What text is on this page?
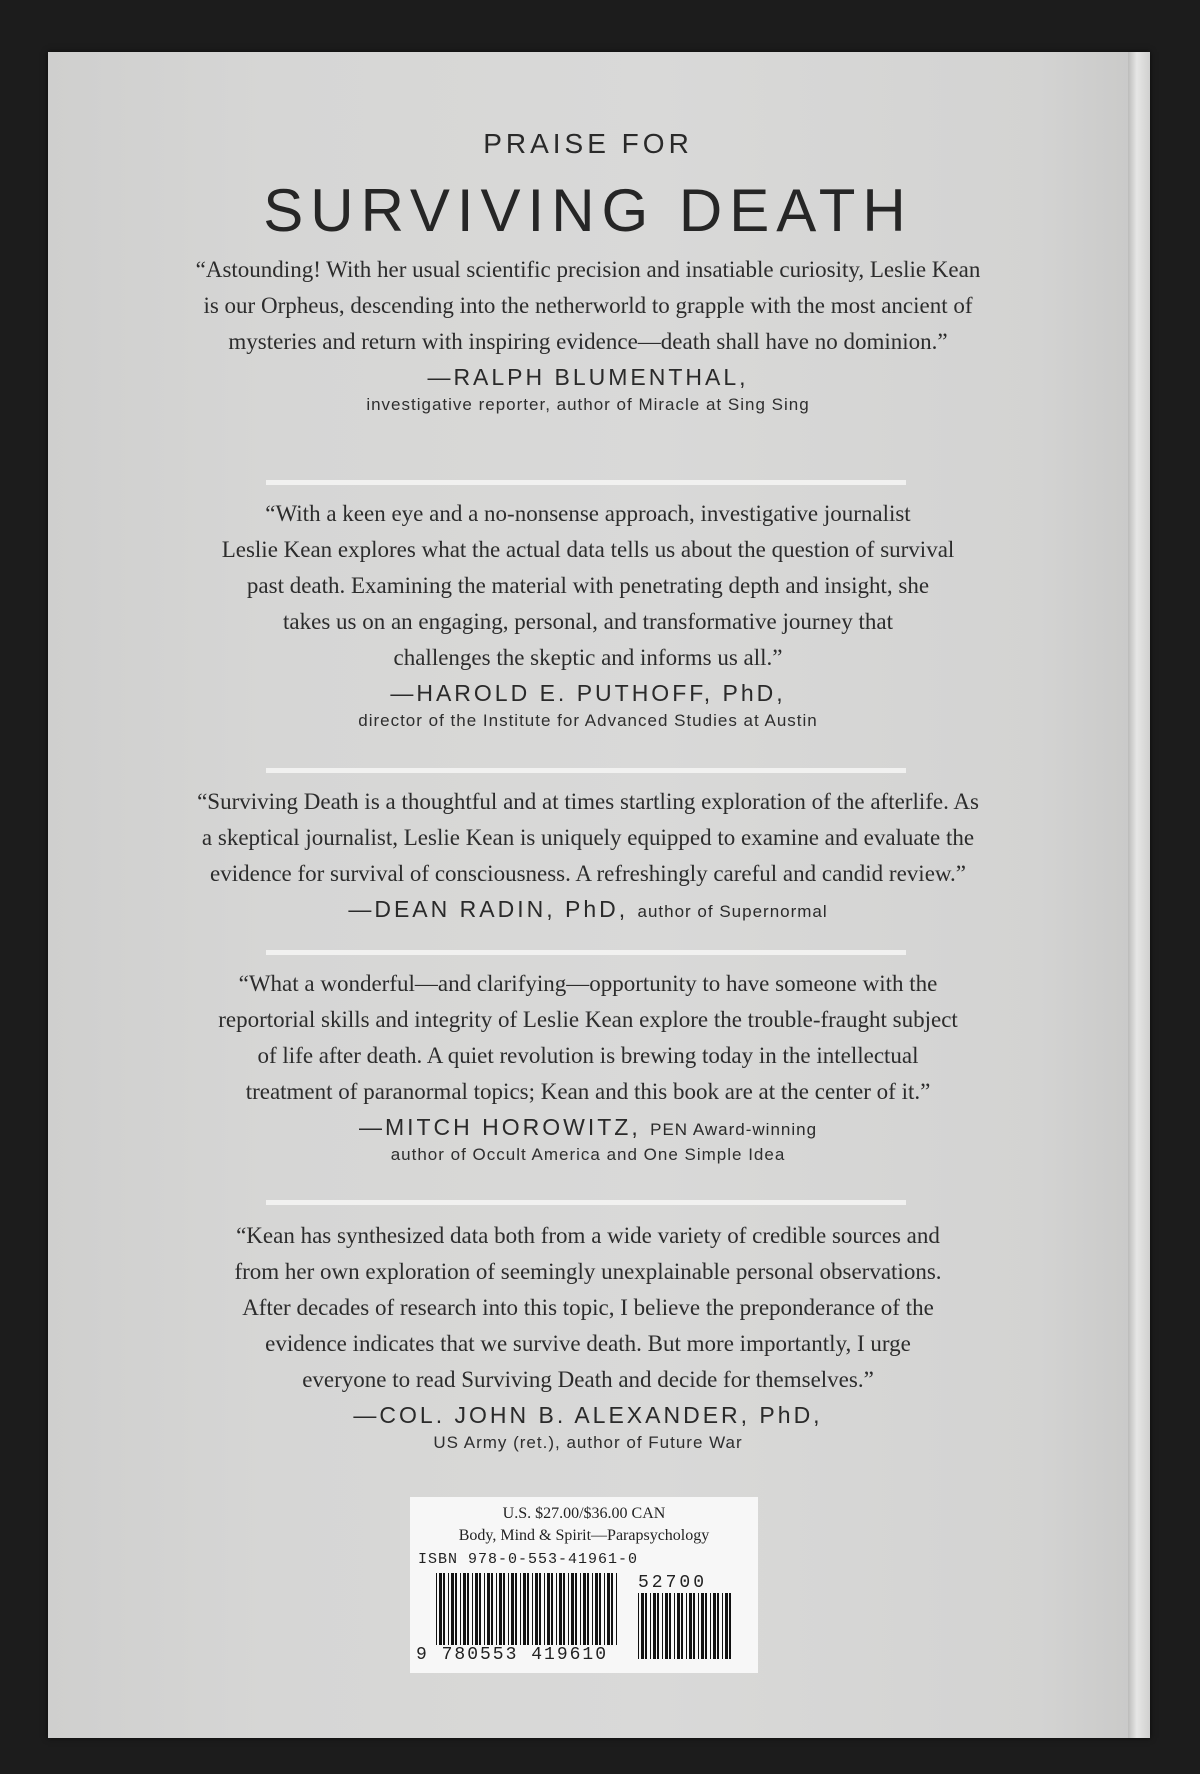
PRAISE FOR
SURVIVING DEATH
“Astounding! With her usual scientific precision and insatiable curiosity, Leslie Kean
is our Orpheus, descending into the netherworld to grapple with the most ancient of
mysteries and return with inspiring evidence—death shall have no dominion.”
—RALPH BLUMENTHAL,
investigative reporter, author of Miracle at Sing Sing
“With a keen eye and a no-nonsense approach, investigative journalist
Leslie Kean explores what the actual data tells us about the question of survival
past death. Examining the material with penetrating depth and insight, she
takes us on an engaging, personal, and transformative journey that
challenges the skeptic and informs us all.”
—HAROLD E. PUTHOFF, PhD,
director of the Institute for Advanced Studies at Austin
“Surviving Death is a thoughtful and at times startling exploration of the afterlife. As
a skeptical journalist, Leslie Kean is uniquely equipped to examine and evaluate the
evidence for survival of consciousness. A refreshingly careful and candid review.”
—DEAN RADIN, PhD, author of Supernormal
“What a wonderful—and clarifying—opportunity to have someone with the
reportorial skills and integrity of Leslie Kean explore the trouble-fraught subject
of life after death. A quiet revolution is brewing today in the intellectual
treatment of paranormal topics; Kean and this book are at the center of it.”
—MITCH HOROWITZ, PEN Award-winning
author of Occult America and One Simple Idea
“Kean has synthesized data both from a wide variety of credible sources and
from her own exploration of seemingly unexplainable personal observations.
After decades of research into this topic, I believe the preponderance of the
evidence indicates that we survive death. But more importantly, I urge
everyone to read Surviving Death and decide for themselves.”
—COL. JOHN B. ALEXANDER, PhD,
US Army (ret.), author of Future War
U.S. $27.00/$36.00 CAN
Body, Mind & Spirit—Parapsychology
ISBN 978-0-553-41961-0
9 780553 419610
52700
